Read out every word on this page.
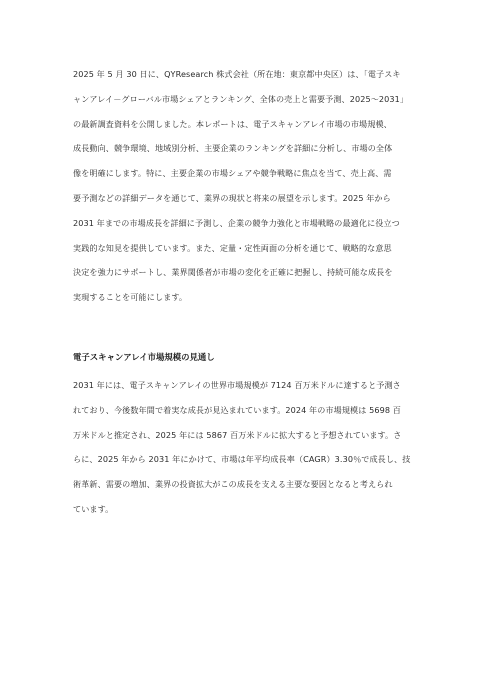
2025 年 5 月 30 日に、QYResearch 株式会社（所在地：東京都中央区）は、「電子スキ
ャンアレイ－グローバル市場シェアとランキング、全体の売上と需要予測、2025～2031」
の最新調査資料を公開しました。本レポートは、電子スキャンアレイ市場の市場規模、
成長動向、競争環境、地域別分析、主要企業のランキングを詳細に分析し、市場の全体
像を明確にします。特に、主要企業の市場シェアや競争戦略に焦点を当て、売上高、需
要予測などの詳細データを通じて、業界の現状と将来の展望を示します。2025 年から
2031 年までの市場成長を詳細に予測し、企業の競争力強化と市場戦略の最適化に役立つ
実践的な知見を提供しています。また、定量・定性両面の分析を通じて、戦略的な意思
決定を強力にサポートし、業界関係者が市場の変化を正確に把握し、持続可能な成長を
実現することを可能にします。
電子スキャンアレイ市場規模の見通し
2031 年には、電子スキャンアレイの世界市場規模が 7124 百万米ドルに達すると予測さ
れており、今後数年間で着実な成長が見込まれています。2024 年の市場規模は 5698 百
万米ドルと推定され、2025 年には 5867 百万米ドルに拡大すると予想されています。さ
らに、2025 年から 2031 年にかけて、市場は年平均成長率（CAGR）3.30％で成長し、技
術革新、需要の増加、業界の投資拡大がこの成長を支える主要な要因となると考えられ
ています。
